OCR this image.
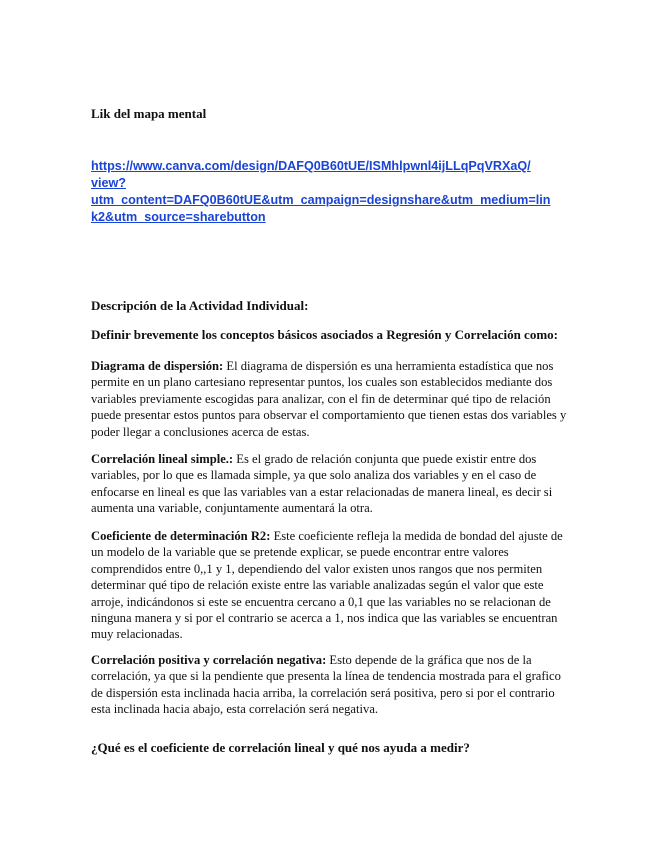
Lik del mapa mental
https://www.canva.com/design/DAFQ0B60tUE/ISMhlpwnl4ijLLqPqVRXaQ/
view?
utm_content=DAFQ0B60tUE&utm_campaign=designshare&utm_medium=lin
k2&utm_source=sharebutton
Descripción de la Actividad Individual:
Definir brevemente los conceptos básicos asociados a Regresión y Correlación como:
Diagrama de dispersión: El diagrama de dispersión es una herramienta estadística que nos permite en un plano cartesiano representar puntos, los cuales son establecidos mediante dos variables previamente escogidas para analizar, con el fin de determinar qué tipo de relación puede presentar estos puntos para observar el comportamiento que tienen estas dos variables y poder llegar a conclusiones acerca de estas.
Correlación lineal simple.: Es el grado de relación conjunta que puede existir entre dos variables, por lo que es llamada simple, ya que solo analiza dos variables y en el caso de enfocarse en lineal es que las variables van a estar relacionadas de manera lineal, es decir si aumenta una variable, conjuntamente aumentará la otra.
Coeficiente de determinación R2: Este coeficiente refleja la medida de bondad del ajuste de un modelo de la variable que se pretende explicar, se puede encontrar entre valores comprendidos entre 0,,1 y 1, dependiendo del valor existen unos rangos que nos permiten determinar qué tipo de relación existe entre las variable analizadas según el valor que este arroje, indicándonos si este se encuentra cercano a 0,1 que las variables no se relacionan de ninguna manera y si por el contrario se acerca a 1, nos indica que las variables se encuentran muy relacionadas.
Correlación positiva y correlación negativa: Esto depende de la gráfica que nos de la correlación, ya que si la pendiente que presenta la línea de tendencia mostrada para el grafico de dispersión esta inclinada hacia arriba, la correlación será positiva, pero si por el contrario esta inclinada hacia abajo, esta correlación será negativa.
¿Qué es el coeficiente de correlación lineal y qué nos ayuda a medir?
